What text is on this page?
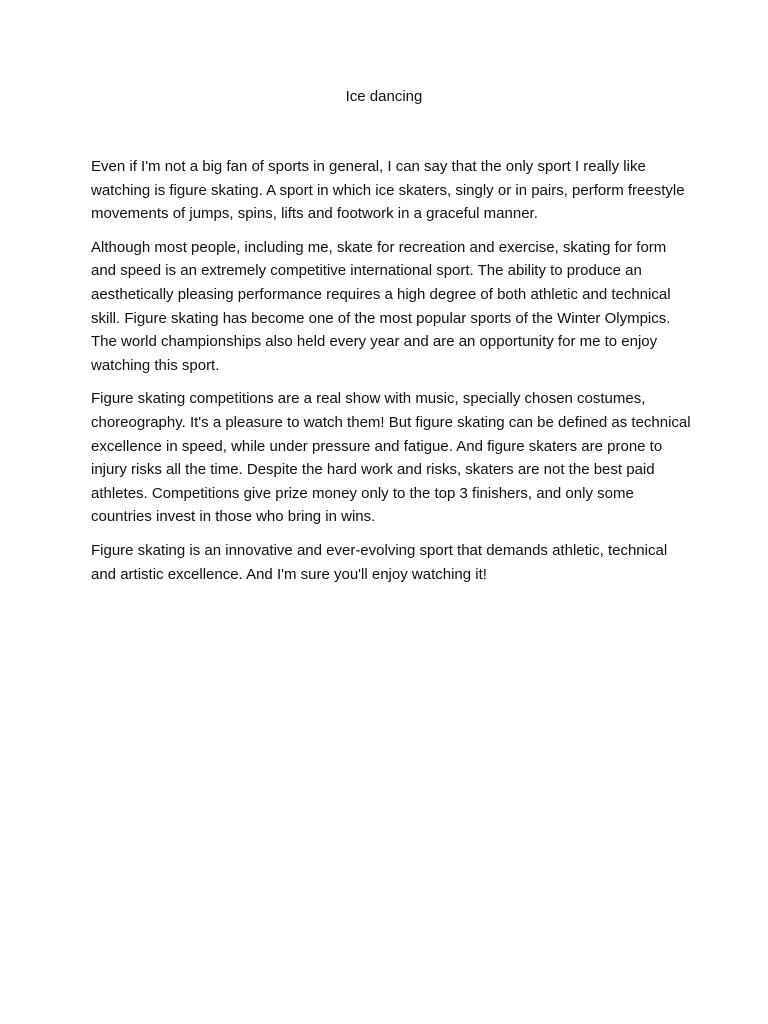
Ice dancing

Even if I'm not a big fan of sports in general, I can say that the only sport I really like watching is figure skating. A sport in which ice skaters, singly or in pairs, perform freestyle movements of jumps, spins, lifts and footwork in a graceful manner.

Although most people, including me, skate for recreation and exercise, skating for form and speed is an extremely competitive international sport. The ability to produce an aesthetically pleasing performance requires a high degree of both athletic and technical skill. Figure skating has become one of the most popular sports of the Winter Olympics. The world championships also held every year and are an opportunity for me to enjoy watching this sport.

Figure skating competitions are a real show with music, specially chosen costumes, choreography. It's a pleasure to watch them! But figure skating can be defined as technical excellence in speed, while under pressure and fatigue. And figure skaters are prone to injury risks all the time. Despite the hard work and risks, skaters are not the best paid athletes. Competitions give prize money only to the top 3 finishers, and only some countries invest in those who bring in wins.

Figure skating is an innovative and ever-evolving sport that demands athletic, technical and artistic excellence. And I'm sure you'll enjoy watching it!
